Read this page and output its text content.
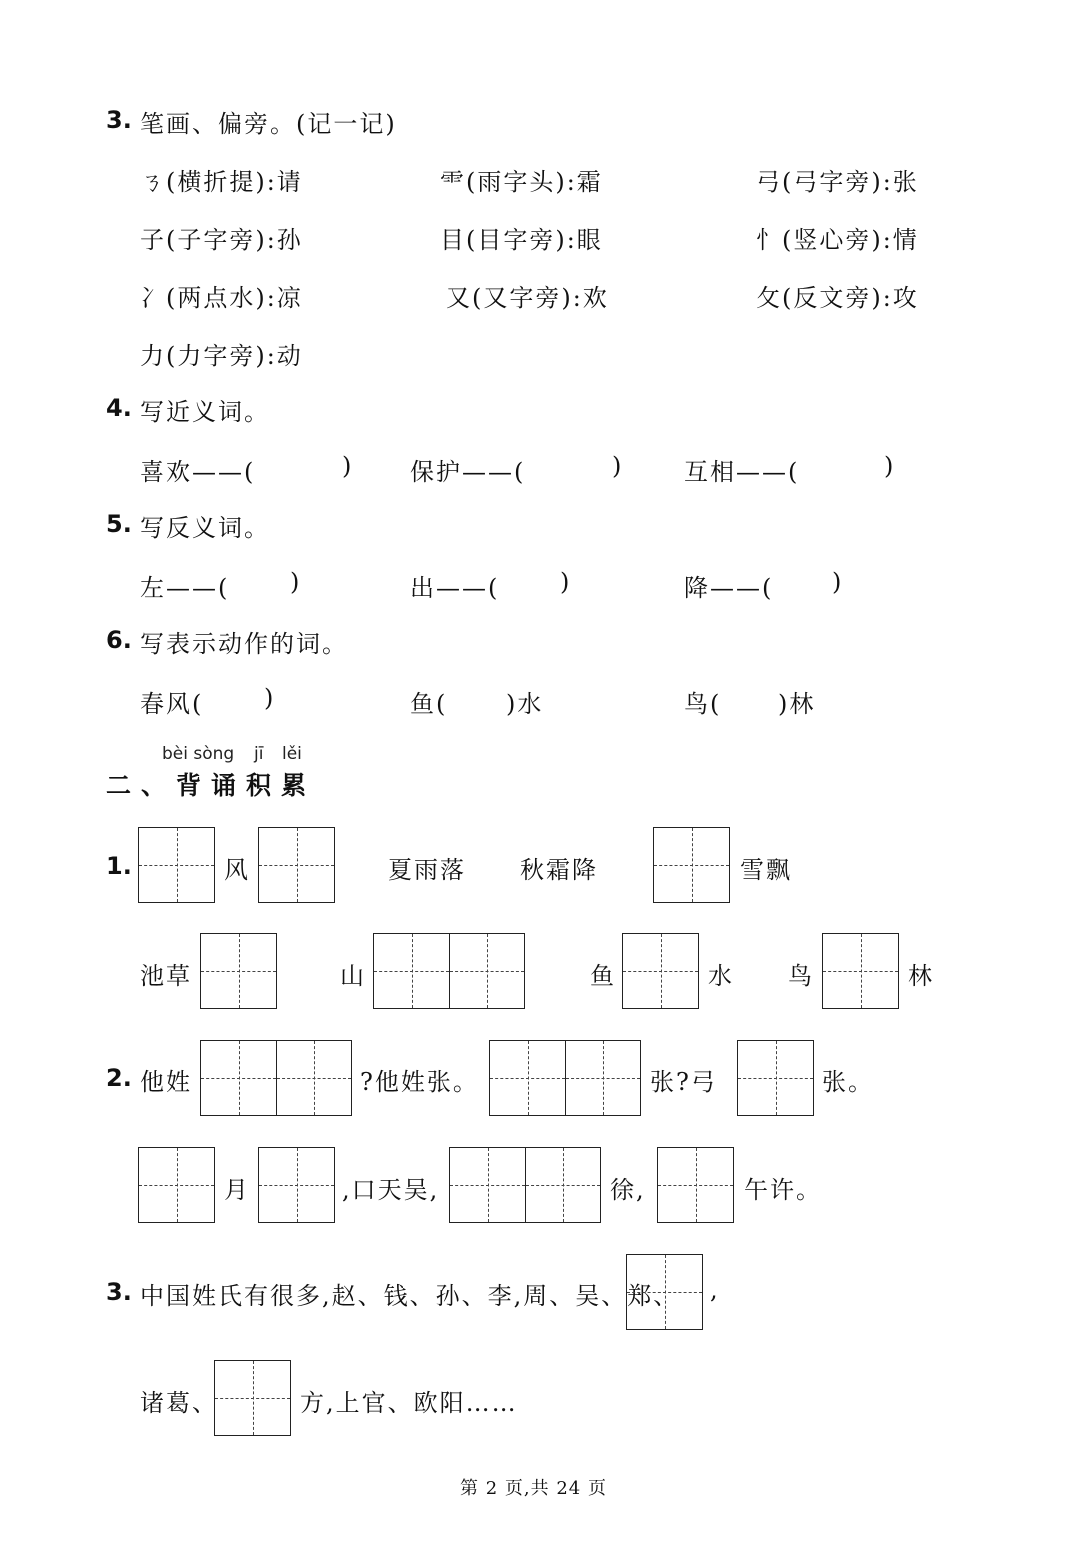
3. 笔画、偏旁。(记一记)
ㄋ(横折提):请	⻗(雨字头):霜	弓(弓字旁):张
子(子字旁):孙	目(目字旁):眼	忄(竖心旁):情
冫(两点水):凉	又(又字旁):欢	攵(反文旁):攻
力(力字旁):动
4. 写近义词。
喜欢——(	) 保护——(	)	互相——(	)
5. 写反义词。
左——(	)	出——(	)	降——( )
6. 写表示动作的词。
春风(	)	鱼( )水	鸟( )林
bèi sòng jī lěi
二、背诵积累
1.	风	夏雨落 秋霜降	雪飘
池草	山	鱼	水 鸟	林
2. 他姓	?他姓张。	张?弓	张。
月	,口天吴,	徐,	午许。
3. 中国姓氏有很多,赵、钱、孙、李,周、吴、郑、 ,
诸葛、	方,上官、欧阳……
第 2 页,共 24 页
